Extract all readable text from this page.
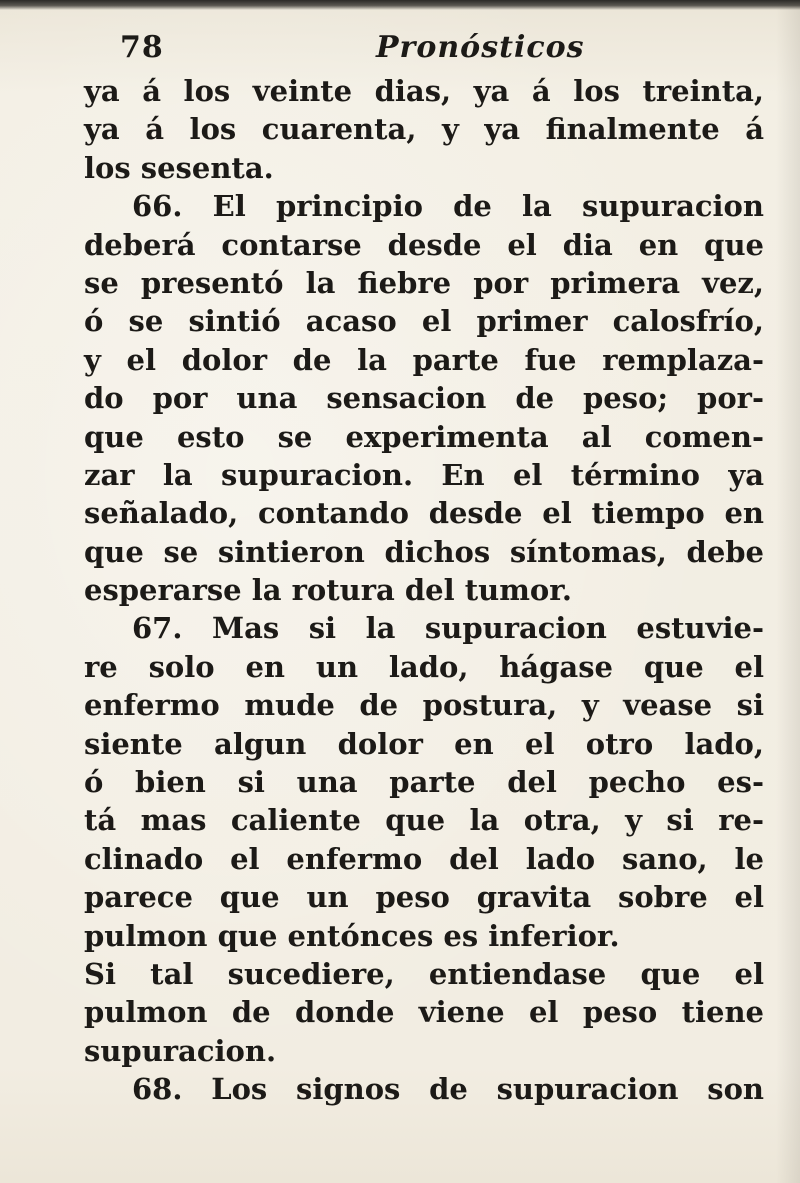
78	Pronósticos
ya á los veinte dias, ya á los treinta,
ya á los cuarenta, y ya finalmente á
los sesenta.
66. El principio de la supuracion
deberá contarse desde el dia en que
se presentó la fiebre por primera vez,
ó se sintió acaso el primer calosfrío,
y el dolor de la parte fue remplaza-
do por una sensacion de peso; por-
que esto se experimenta al comen-
zar la supuracion. En el término ya
señalado, contando desde el tiempo en
que se sintieron dichos síntomas, debe
esperarse la rotura del tumor.
67. Mas si la supuracion estuvie-
re solo en un lado, hágase que el
enfermo mude de postura, y vease si
siente algun dolor en el otro lado,
ó bien si una parte del pecho es-
tá mas caliente que la otra, y si re-
clinado el enfermo del lado sano, le
parece que un peso gravita sobre el
pulmon que entónces es inferior.
Si tal sucediere, entiendase que el
pulmon de donde viene el peso tiene
supuracion.
68. Los signos de supuracion son
